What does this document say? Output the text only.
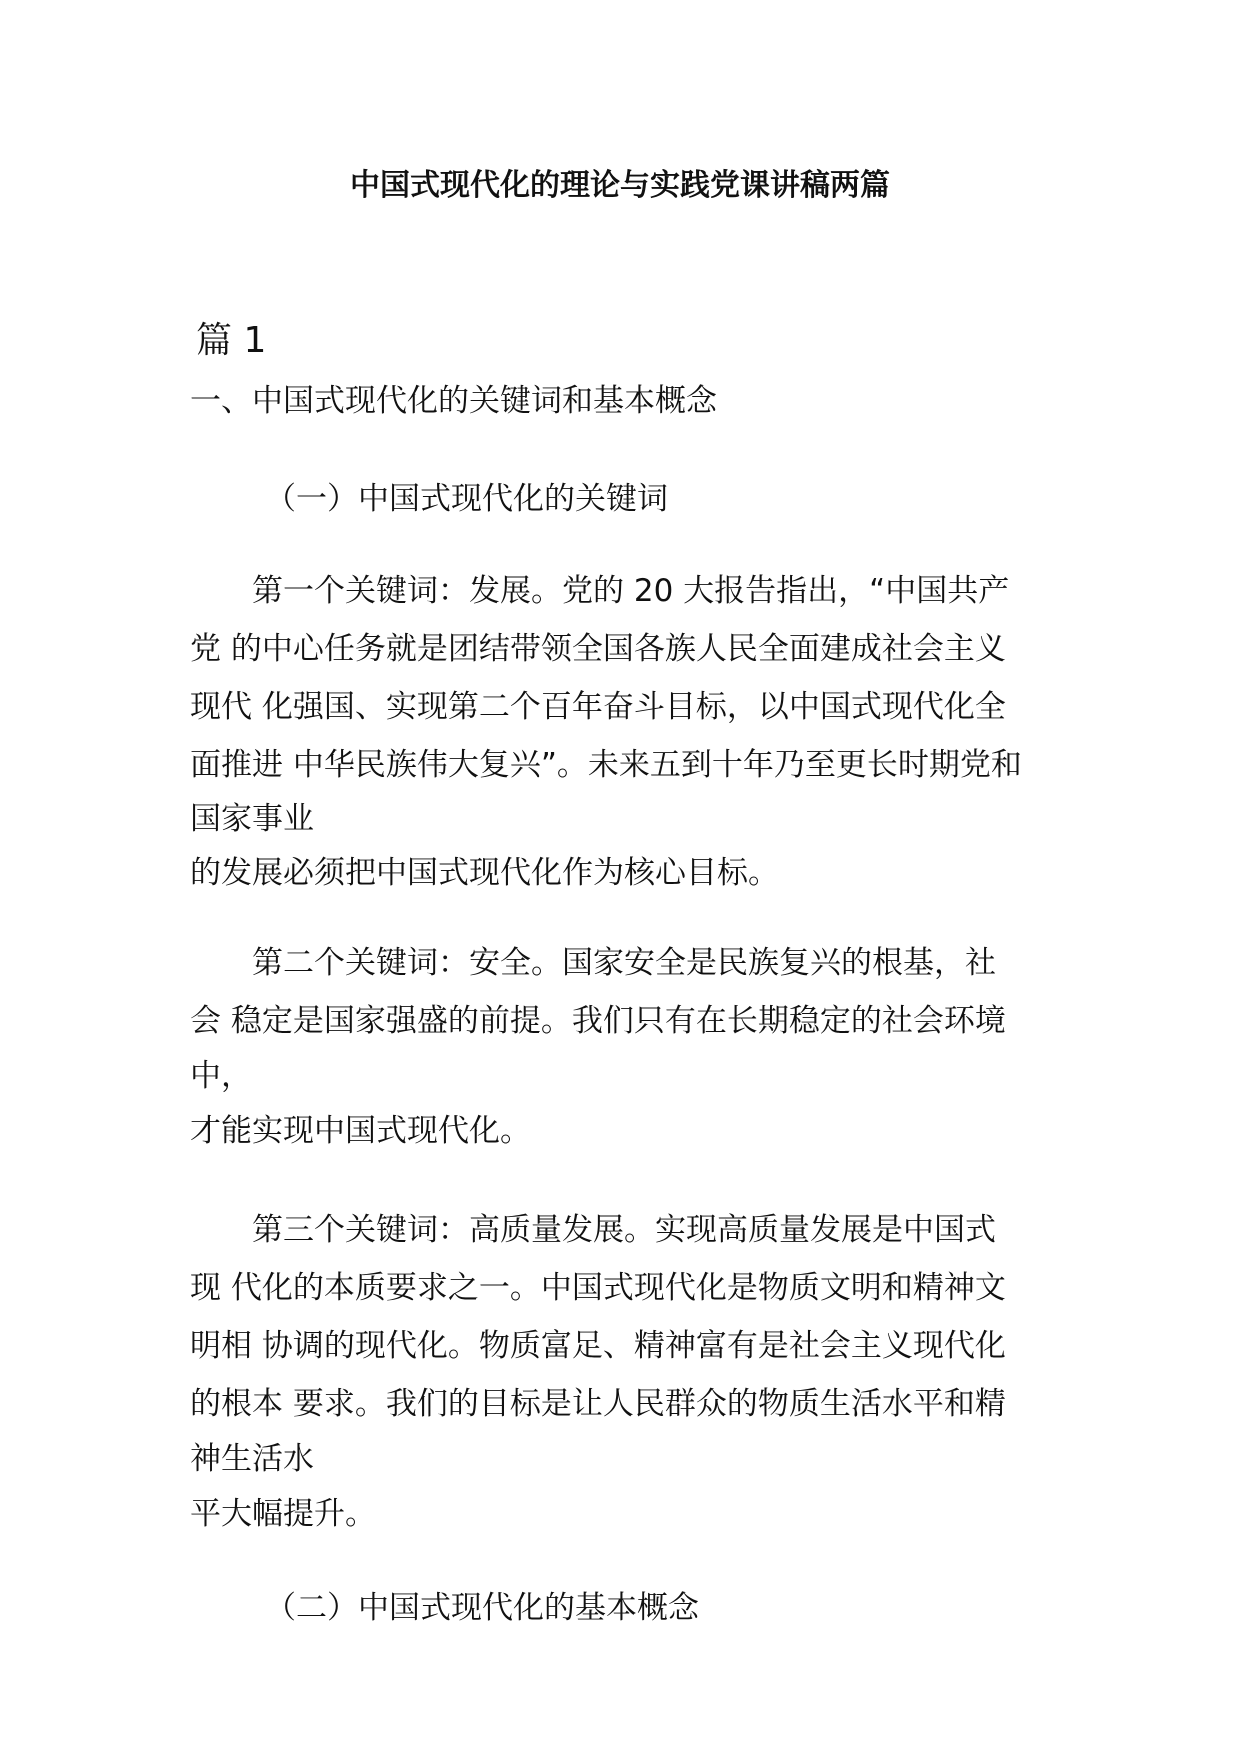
中国式现代化的理论与实践党课讲稿两篇
篇 1
一、中国式现代化的关键词和基本概念
（一）中国式现代化的关键词
　　第一个关键词：发展。党的 20 大报告指出，“中国共产
党 的中心任务就是团结带领全国各族人民全面建成社会主义
现代 化强国、实现第二个百年奋斗目标，以中国式现代化全
面推进 中华民族伟大复兴”。未来五到十年乃至更长时期党和
国家事业
的发展必须把中国式现代化作为核心目标。
　　第二个关键词：安全。国家安全是民族复兴的根基，社
会 稳定是国家强盛的前提。我们只有在长期稳定的社会环境
中，
才能实现中国式现代化。
　　第三个关键词：高质量发展。实现高质量发展是中国式
现 代化的本质要求之一。中国式现代化是物质文明和精神文
明相 协调的现代化。物质富足、精神富有是社会主义现代化
的根本 要求。我们的目标是让人民群众的物质生活水平和精
神生活水
平大幅提升。
（二）中国式现代化的基本概念
